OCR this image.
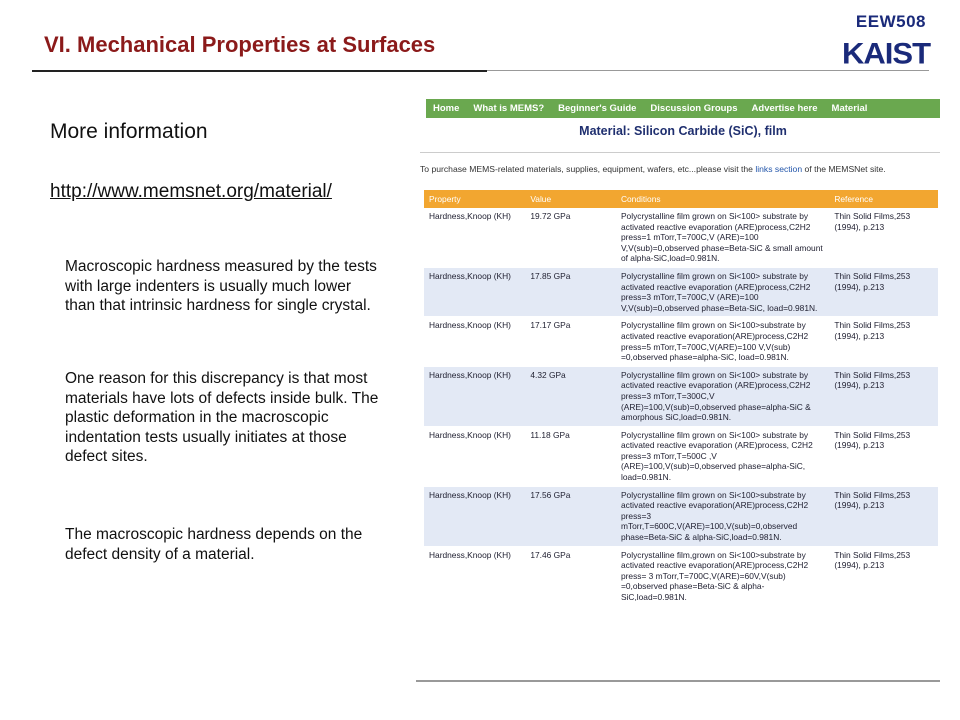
EEW508
KAIST
VI. Mechanical Properties at Surfaces
More information
http://www.memsnet.org/material/
Macroscopic hardness measured by the tests with large indenters is usually much lower than that intrinsic hardness for single crystal.
One reason for this discrepancy is that most materials have lots of defects inside bulk. The plastic deformation in the macroscopic indentation tests usually initiates at those defect sites.
The macroscopic hardness depends on the defect density of a material.
Home	What is MEMS?	Beginner's Guide	Discussion Groups	Advertise here	Material
Material: Silicon Carbide (SiC), film
To purchase MEMS-related materials, supplies, equipment, wafers, etc...please visit the links section of the MEMSNet site.
Property	Value	Conditions	Reference
Hardness,Knoop (KH)	19.72 GPa	Polycrystalline film grown on Si<100> substrate by activated reactive evaporation (ARE)process,C2H2 press=1 mTorr,T=700C,V (ARE)=100 V,V(sub)=0,observed phase=Beta-SiC & small amount of alpha-SiC,load=0.981N.	Thin Solid Films,253 (1994), p.213
Hardness,Knoop (KH)	17.85 GPa	Polycrystalline film grown on Si<100> substrate by activated reactive evaporation (ARE)process,C2H2 press=3 mTorr,T=700C,V (ARE)=100 V,V(sub)=0,observed phase=Beta-SiC, load=0.981N.	Thin Solid Films,253 (1994), p.213
Hardness,Knoop (KH)	17.17 GPa	Polycrystalline film grown on Si<100>substrate by activated reactive evaporation(ARE)process,C2H2 press=5 mTorr,T=700C,V(ARE)=100 V,V(sub) =0,observed phase=alpha-SiC, load=0.981N.	Thin Solid Films,253 (1994), p.213
Hardness,Knoop (KH)	4.32 GPa	Polycrystalline film grown on Si<100> substrate by activated reactive evaporation (ARE)process,C2H2 press=3 mTorr,T=300C,V (ARE)=100,V(sub)=0,observed phase=alpha-SiC & amorphous SiC,load=0.981N.	Thin Solid Films,253 (1994), p.213
Hardness,Knoop (KH)	11.18 GPa	Polycrystalline film grown on Si<100> substrate by activated reactive evaporation (ARE)process, C2H2 press=3 mTorr,T=500C ,V (ARE)=100,V(sub)=0,observed phase=alpha-SiC, load=0.981N.	Thin Solid Films,253 (1994), p.213
Hardness,Knoop (KH)	17.56 GPa	Polycrystalline film grown on Si<100>substrate by activated reactive evaporation(ARE)process,C2H2 press=3 mTorr,T=600C,V(ARE)=100,V(sub)=0,observed phase=Beta-SiC & alpha-SiC,load=0.981N.	Thin Solid Films,253 (1994), p.213
Hardness,Knoop (KH)	17.46 GPa	Polycrystalline film,grown on Si<100>substrate by activated reactive evaporation(ARE)process,C2H2 press= 3 mTorr,T=700C,V(ARE)=60V,V(sub) =0,observed phase=Beta-SiC & alpha-SiC,load=0.981N.	Thin Solid Films,253 (1994), p.213
